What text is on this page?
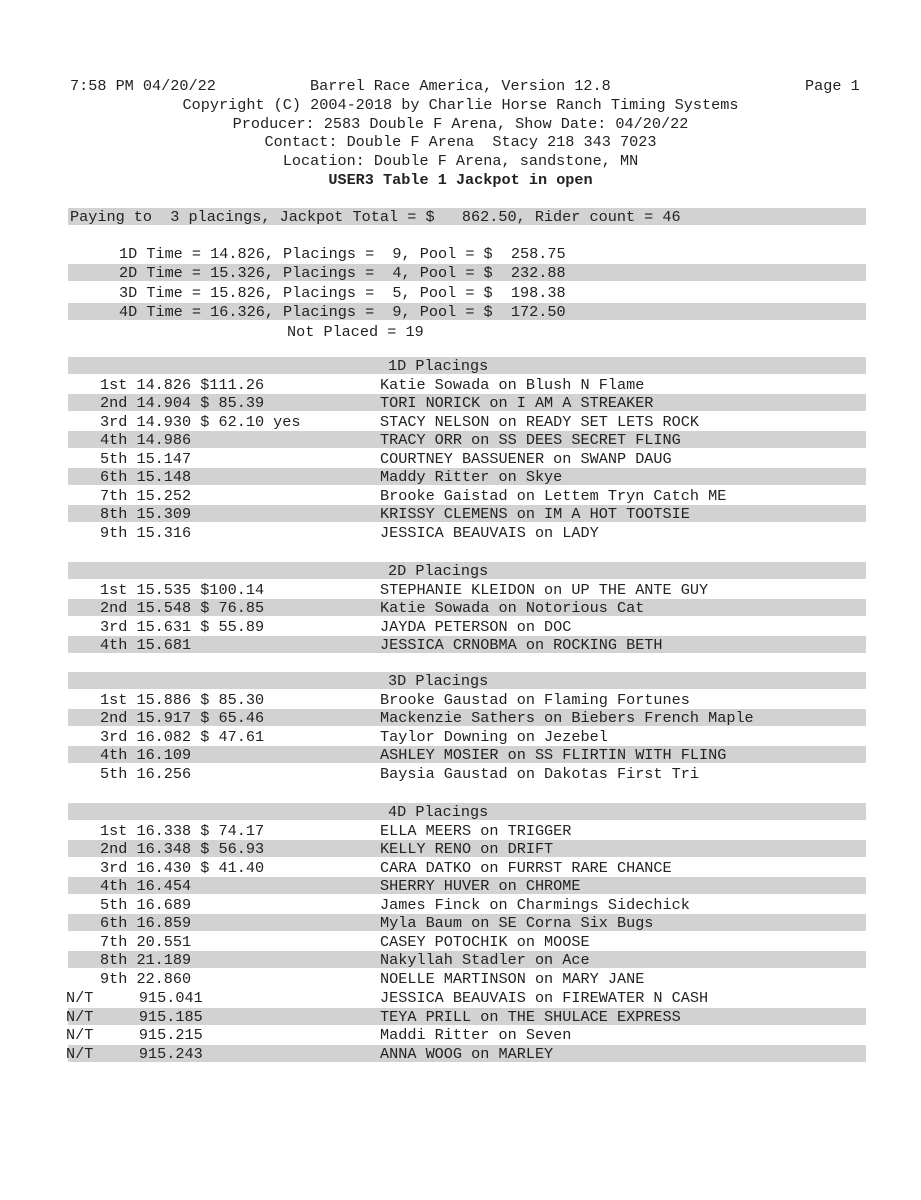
7:58 PM 04/20/22

	Barrel Race America, Version 12.8

	Page 1

Copyright (C) 2004-2018 by Charlie Horse Ranch Timing Systems
Producer: 2583 Double F Arena, Show Date: 04/20/22
Contact: Double F Arena  Stacy 218 343 7023
Location: Double F Arena, sandstone, MN
USER3 Table 1 Jackpot in open

Paying to  3 placings, Jackpot Total = $   862.50, Rider count = 46

1D Time = 14.826, Placings =  9, Pool = $  258.75
2D Time = 15.326, Placings =  4, Pool = $  232.88
3D Time = 15.826, Placings =  5, Pool = $  198.38
4D Time = 16.326, Placings =  9, Pool = $  172.50
Not Placed = 19
1D Placings
1st 14.826 $111.26	Katie Sowada on Blush N Flame
2nd 14.904 $ 85.39	TORI NORICK on I AM A STREAKER
3rd 14.930 $ 62.10 yes	STACY NELSON on READY SET LETS ROCK
4th 14.986	TRACY ORR on SS DEES SECRET FLING
5th 15.147	COURTNEY BASSUENER on SWANP DAUG
6th 15.148	Maddy Ritter on Skye
7th 15.252	Brooke Gaistad on Lettem Tryn Catch ME
8th 15.309	KRISSY CLEMENS on IM A HOT TOOTSIE
9th 15.316	JESSICA BEAUVAIS on LADY
2D Placings
1st 15.535 $100.14	STEPHANIE KLEIDON on UP THE ANTE GUY
2nd 15.548 $ 76.85	Katie Sowada on Notorious Cat
3rd 15.631 $ 55.89	JAYDA PETERSON on DOC
4th 15.681	JESSICA CRNOBMA on ROCKING BETH
3D Placings
1st 15.886 $ 85.30	Brooke Gaustad on Flaming Fortunes
2nd 15.917 $ 65.46	Mackenzie Sathers on Biebers French Maple
3rd 16.082 $ 47.61	Taylor Downing on Jezebel
4th 16.109	ASHLEY MOSIER on SS FLIRTIN WITH FLING
5th 16.256	Baysia Gaustad on Dakotas First Tri
4D Placings
1st 16.338 $ 74.17	ELLA MEERS on TRIGGER
2nd 16.348 $ 56.93	KELLY RENO on DRIFT
3rd 16.430 $ 41.40	CARA DATKO on FURRST RARE CHANCE
4th 16.454	SHERRY HUVER on CHROME
5th 16.689	James Finck on Charmings Sidechick
6th 16.859	Myla Baum on SE Corna Six Bugs
7th 20.551	CASEY POTOCHIK on MOOSE
8th 21.189	Nakyllah Stadler on Ace
9th 22.860	NOELLE MARTINSON on MARY JANE
N/T     915.041	JESSICA BEAUVAIS on FIREWATER N CASH
N/T     915.185	TEYA PRILL on THE SHULACE EXPRESS
N/T     915.215	Maddi Ritter on Seven
N/T     915.243	ANNA WOOG on MARLEY
